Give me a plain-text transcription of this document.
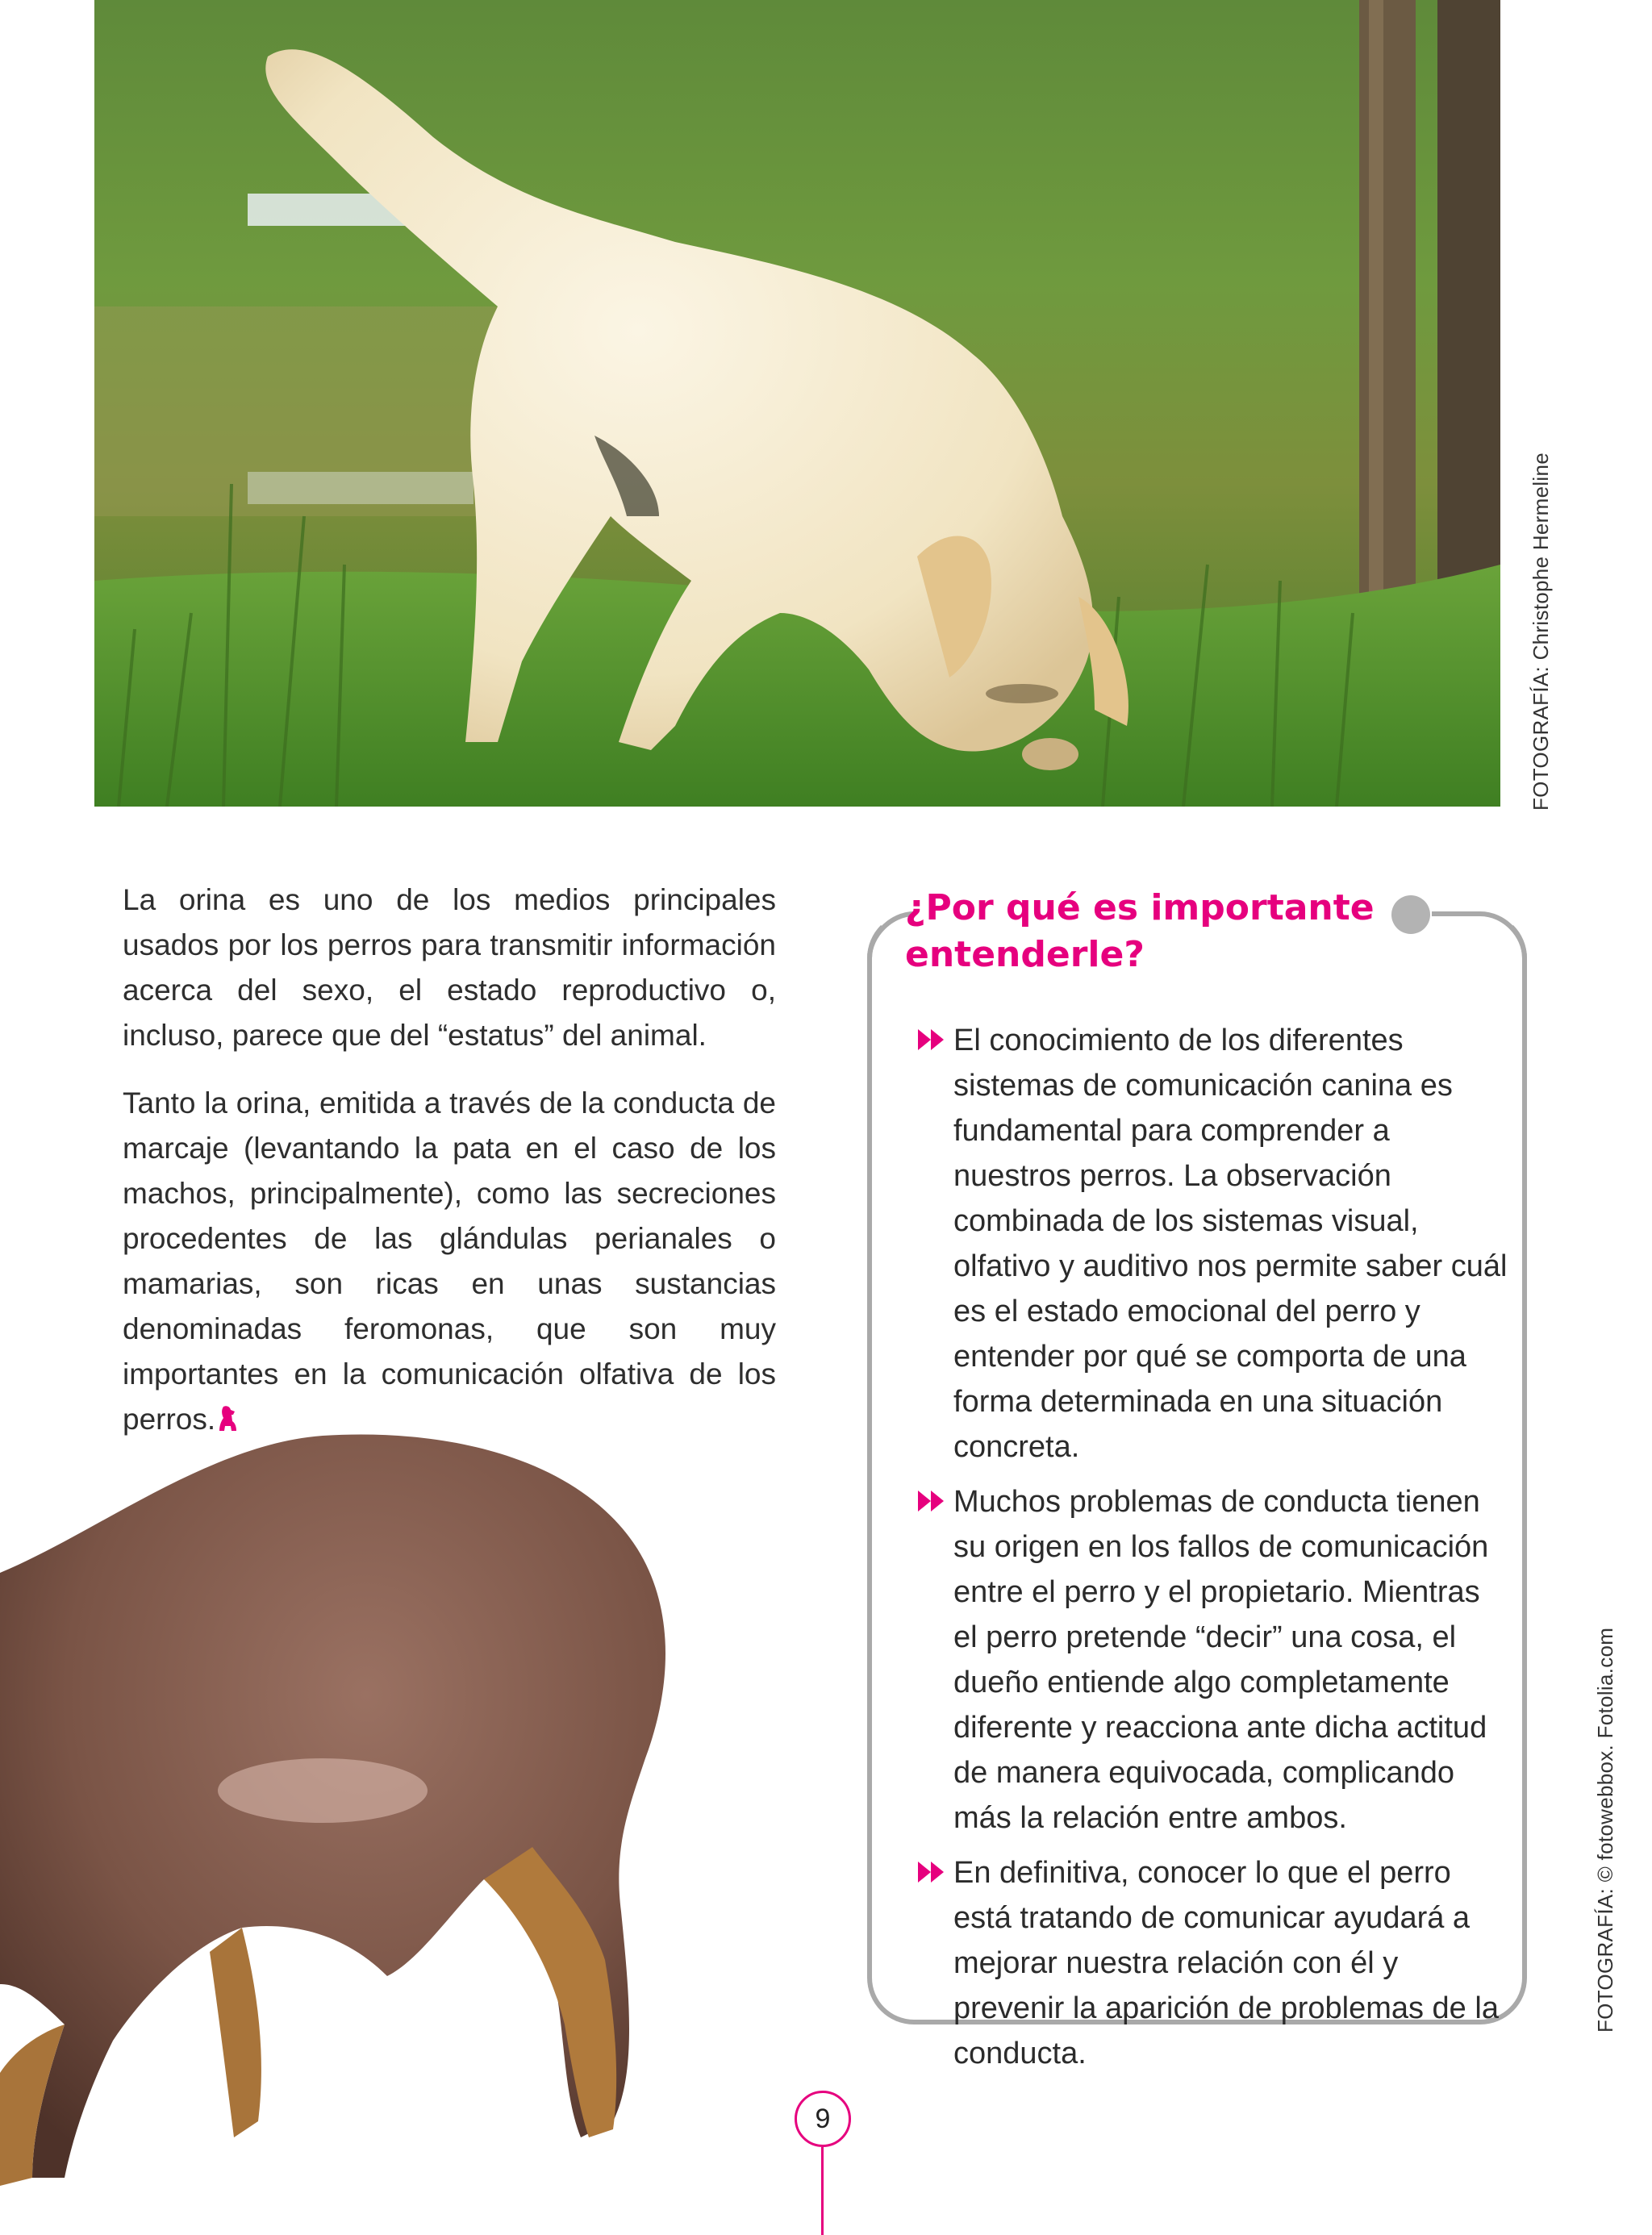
FOTOGRAFÍA: Christophe Hermeline

La orina es uno de los medios principales usados por los perros para transmitir información acerca del sexo, el estado reproductivo o, incluso, parece que del “estatus” del animal.

Tanto la orina, emitida a través de la conducta de marcaje (levantando la pata en el caso de los machos, principalmente), como las secreciones procedentes de las glándulas perianales o mamarias, son ricas en unas sustancias denominadas feromonas, que son muy importantes en la comunicación olfativa de los perros.

¿Por qué es importante entenderle?
El conocimiento de los diferentes sistemas de comunicación canina es fundamental para comprender a nuestros perros. La observación combinada de los sistemas visual, olfativo y auditivo nos permite saber cuál es el estado emocional del perro y entender por qué se comporta de una forma determinada en una situación concreta.
Muchos problemas de conducta tienen su origen en los fallos de comunicación entre el perro y el propietario. Mientras el perro pretende “decir” una cosa, el dueño entiende algo completamente diferente y reacciona ante dicha actitud de manera equivocada, complicando más la relación entre ambos.
En definitiva, conocer lo que el perro está tratando de comunicar ayudará a mejorar nuestra relación con él y prevenir la aparición de problemas de la conducta.
FOTOGRAFÍA: © fotowebbox. Fotolia.com
9
